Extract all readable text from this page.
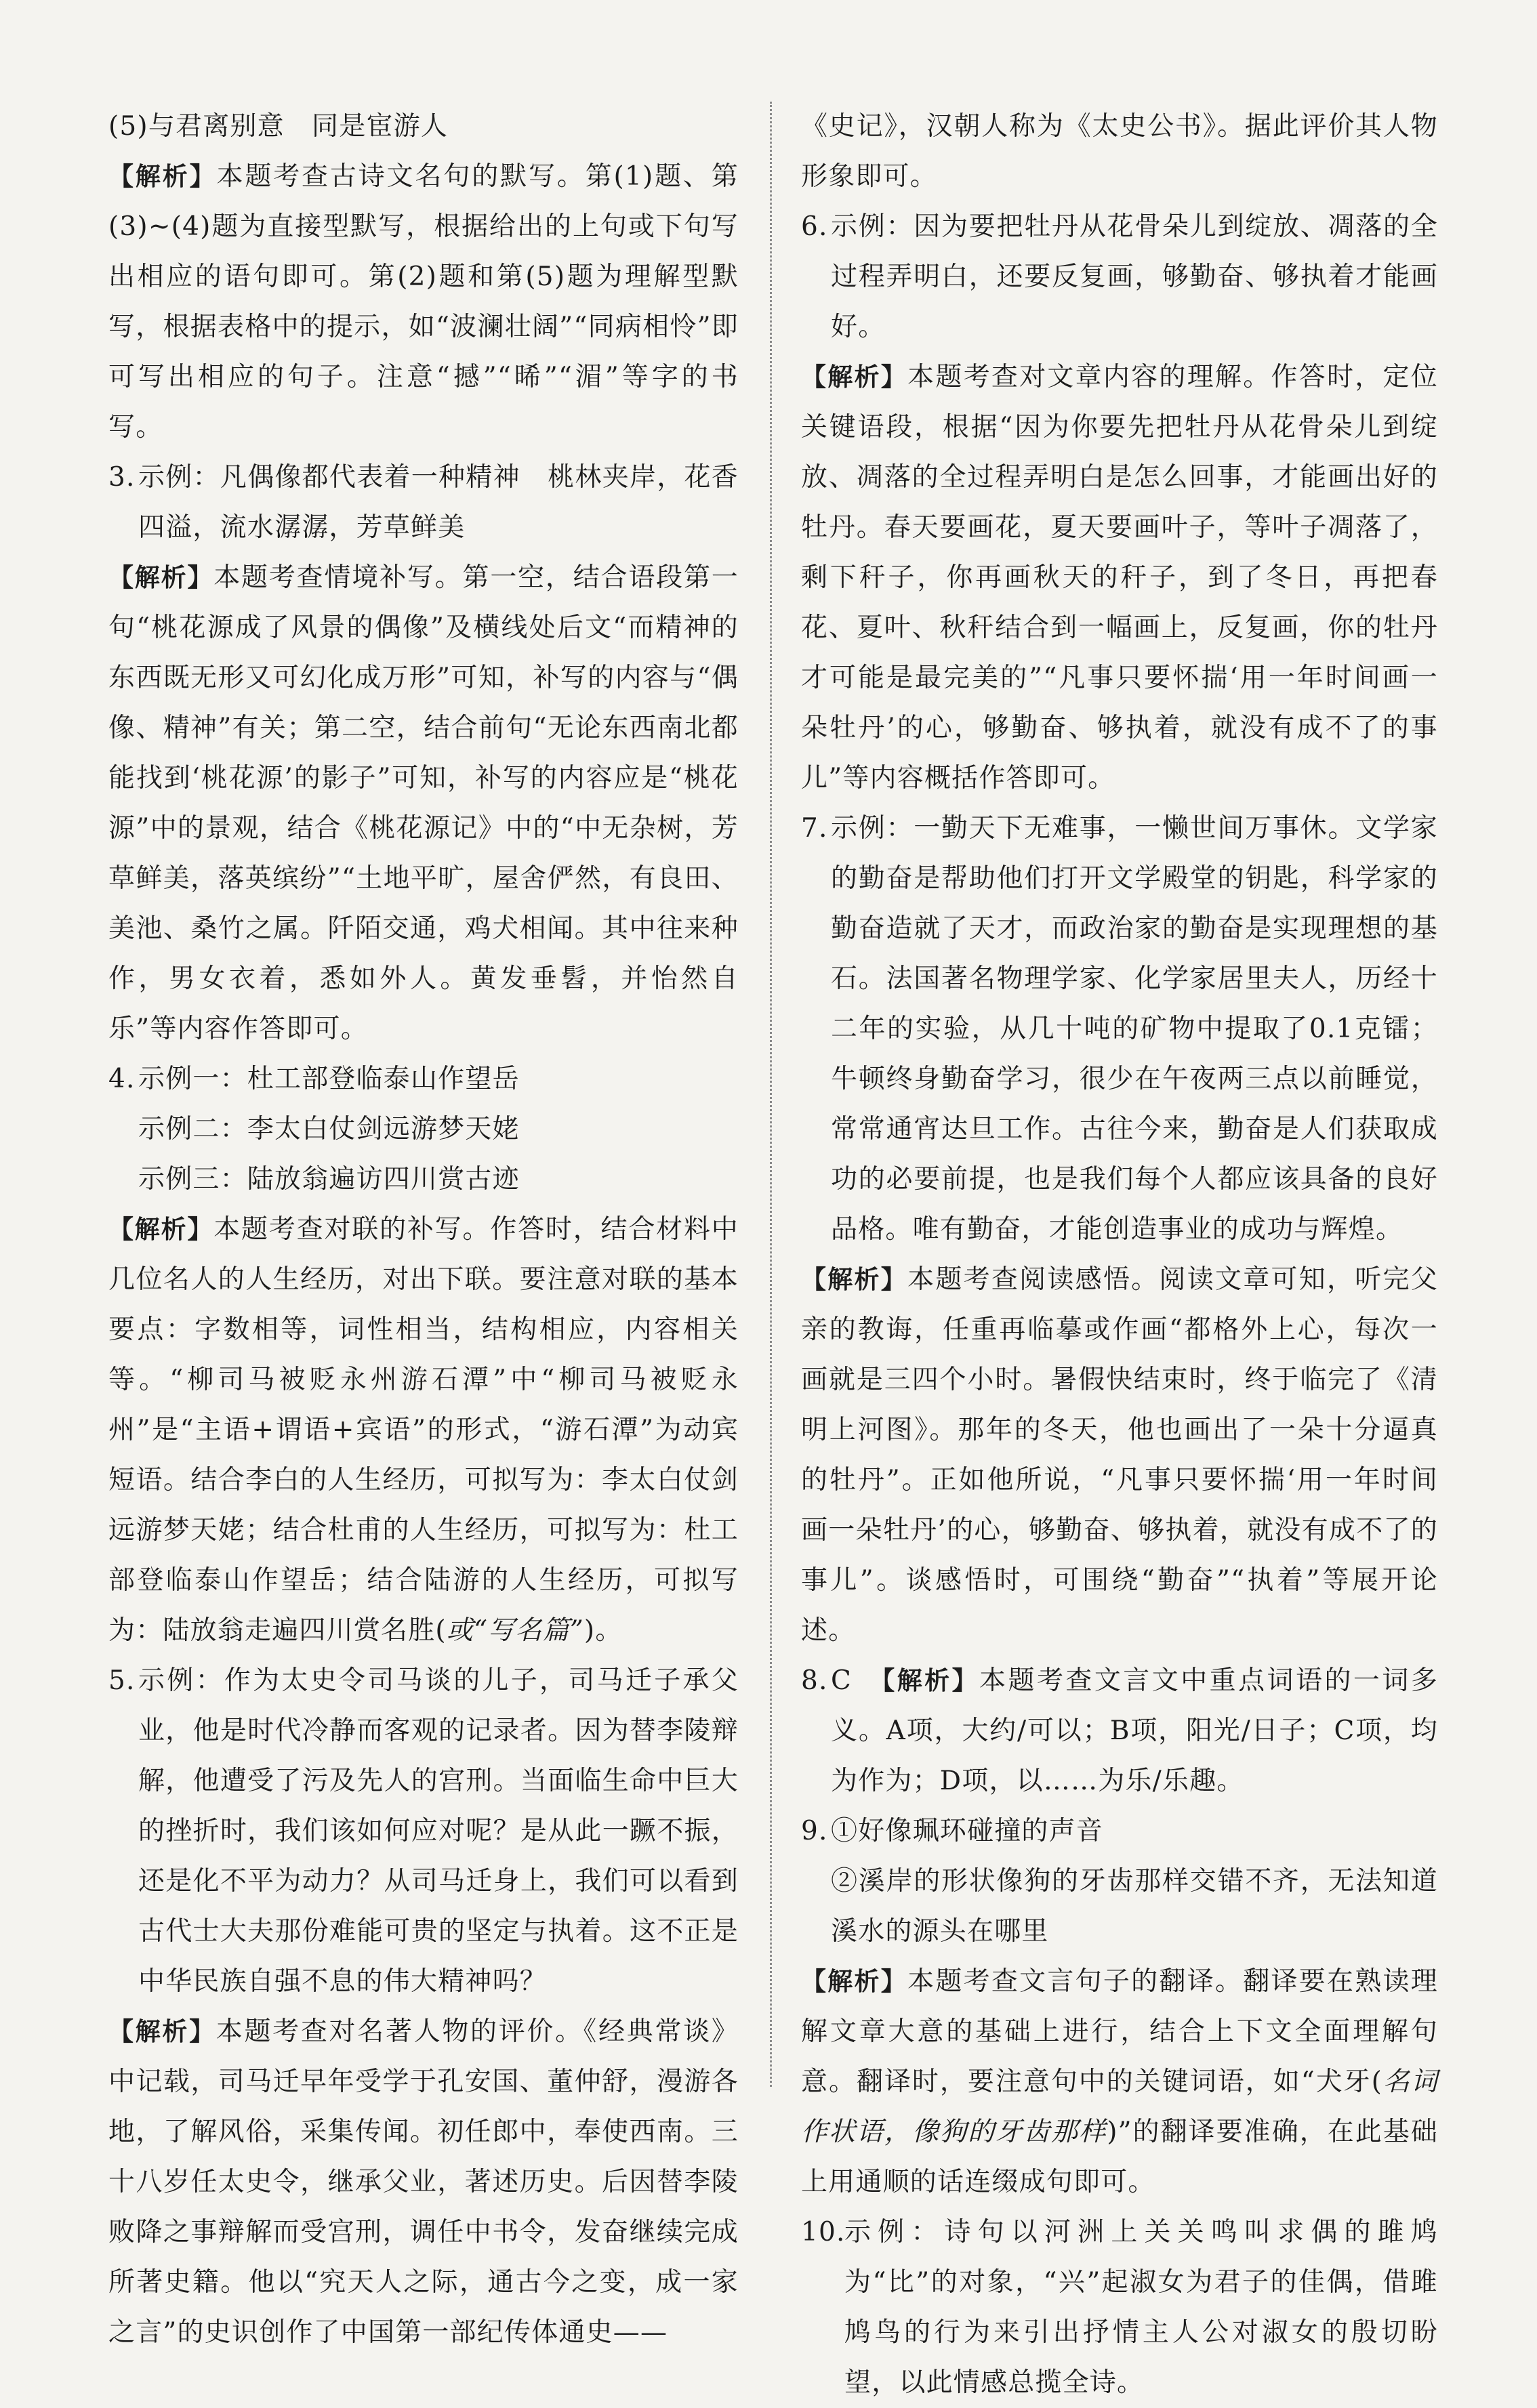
(5)与君离别意　同是宦游人
【解析】本题考查古诗文名句的默写。第(1)题、第(3)~(4)题为直接型默写，根据给出的上句或下句写出相应的语句即可。第(2)题和第(5)题为理解型默写，根据表格中的提示，如“波澜壮阔”“同病相怜”即可写出相应的句子。注意“撼”“晞”“湄”等字的书写。
3. 示例：凡偶像都代表着一种精神　桃林夹岸，花香四溢，流水潺潺，芳草鲜美
【解析】本题考查情境补写。第一空，结合语段第一句“桃花源成了风景的偶像”及横线处后文“而精神的东西既无形又可幻化成万形”可知，补写的内容与“偶像、精神”有关；第二空，结合前句“无论东西南北都能找到‘桃花源’的影子”可知，补写的内容应是“桃花源”中的景观，结合《桃花源记》中的“中无杂树，芳草鲜美，落英缤纷”“土地平旷，屋舍俨然，有良田、美池、桑竹之属。阡陌交通，鸡犬相闻。其中往来种作，男女衣着，悉如外人。黄发垂髫，并怡然自乐”等内容作答即可。
4. 示例一：杜工部登临泰山作望岳
示例二：李太白仗剑远游梦天姥
示例三：陆放翁遍访四川赏古迹
【解析】本题考查对联的补写。作答时，结合材料中几位名人的人生经历，对出下联。要注意对联的基本要点：字数相等，词性相当，结构相应，内容相关等。“柳司马被贬永州游石潭”中“柳司马被贬永州”是“主语+谓语+宾语”的形式，“游石潭”为动宾短语。结合李白的人生经历，可拟写为：李太白仗剑远游梦天姥；结合杜甫的人生经历，可拟写为：杜工部登临泰山作望岳；结合陆游的人生经历，可拟写为：陆放翁走遍四川赏名胜(或“写名篇”)。
5. 示例：作为太史令司马谈的儿子，司马迁子承父业，他是时代冷静而客观的记录者。因为替李陵辩解，他遭受了污及先人的宫刑。当面临生命中巨大的挫折时，我们该如何应对呢？是从此一蹶不振，还是化不平为动力？从司马迁身上，我们可以看到古代士大夫那份难能可贵的坚定与执着。这不正是中华民族自强不息的伟大精神吗？
【解析】本题考查对名著人物的评价。《经典常谈》中记载，司马迁早年受学于孔安国、董仲舒，漫游各地，了解风俗，采集传闻。初任郎中，奉使西南。三十八岁任太史令，继承父业，著述历史。后因替李陵败降之事辩解而受宫刑，调任中书令，发奋继续完成所著史籍。他以“究天人之际，通古今之变，成一家之言”的史识创作了中国第一部纪传体通史——
《史记》，汉朝人称为《太史公书》。据此评价其人物形象即可。
6. 示例：因为要把牡丹从花骨朵儿到绽放、凋落的全过程弄明白，还要反复画，够勤奋、够执着才能画好。
【解析】本题考查对文章内容的理解。作答时，定位关键语段，根据“因为你要先把牡丹从花骨朵儿到绽放、凋落的全过程弄明白是怎么回事，才能画出好的牡丹。春天要画花，夏天要画叶子，等叶子凋落了，剩下秆子，你再画秋天的秆子，到了冬日，再把春花、夏叶、秋秆结合到一幅画上，反复画，你的牡丹才可能是最完美的”“凡事只要怀揣‘用一年时间画一朵牡丹’的心，够勤奋、够执着，就没有成不了的事儿”等内容概括作答即可。
7. 示例：一勤天下无难事，一懒世间万事休。文学家的勤奋是帮助他们打开文学殿堂的钥匙，科学家的勤奋造就了天才，而政治家的勤奋是实现理想的基石。法国著名物理学家、化学家居里夫人，历经十二年的实验，从几十吨的矿物中提取了0.1克镭；牛顿终身勤奋学习，很少在午夜两三点以前睡觉，常常通宵达旦工作。古往今来，勤奋是人们获取成功的必要前提，也是我们每个人都应该具备的良好品格。唯有勤奋，才能创造事业的成功与辉煌。
【解析】本题考查阅读感悟。阅读文章可知，听完父亲的教诲，任重再临摹或作画“都格外上心，每次一画就是三四个小时。暑假快结束时，终于临完了《清明上河图》。那年的冬天，他也画出了一朵十分逼真的牡丹”。正如他所说，“凡事只要怀揣‘用一年时间画一朵牡丹’的心，够勤奋、够执着，就没有成不了的事儿”。谈感悟时，可围绕“勤奋”“执着”等展开论述。
8. C　【解析】本题考查文言文中重点词语的一词多义。A项，大约/可以；B项，阳光/日子；C项，均为作为；D项，以……为乐/乐趣。
9. ①好像珮环碰撞的声音
②溪岸的形状像狗的牙齿那样交错不齐，无法知道溪水的源头在哪里
【解析】本题考查文言句子的翻译。翻译要在熟读理解文章大意的基础上进行，结合上下文全面理解句意。翻译时，要注意句中的关键词语，如“犬牙(名词作状语，像狗的牙齿那样)”的翻译要准确，在此基础上用通顺的话连缀成句即可。
10.
示例：诗句以河洲上关关鸣叫求偶的雎鸠为“比”的对象，“兴”起淑女为君子的佳偶，借雎鸠鸟的行为来引出抒情主人公对淑女的殷切盼望，以此情感总揽全诗。
